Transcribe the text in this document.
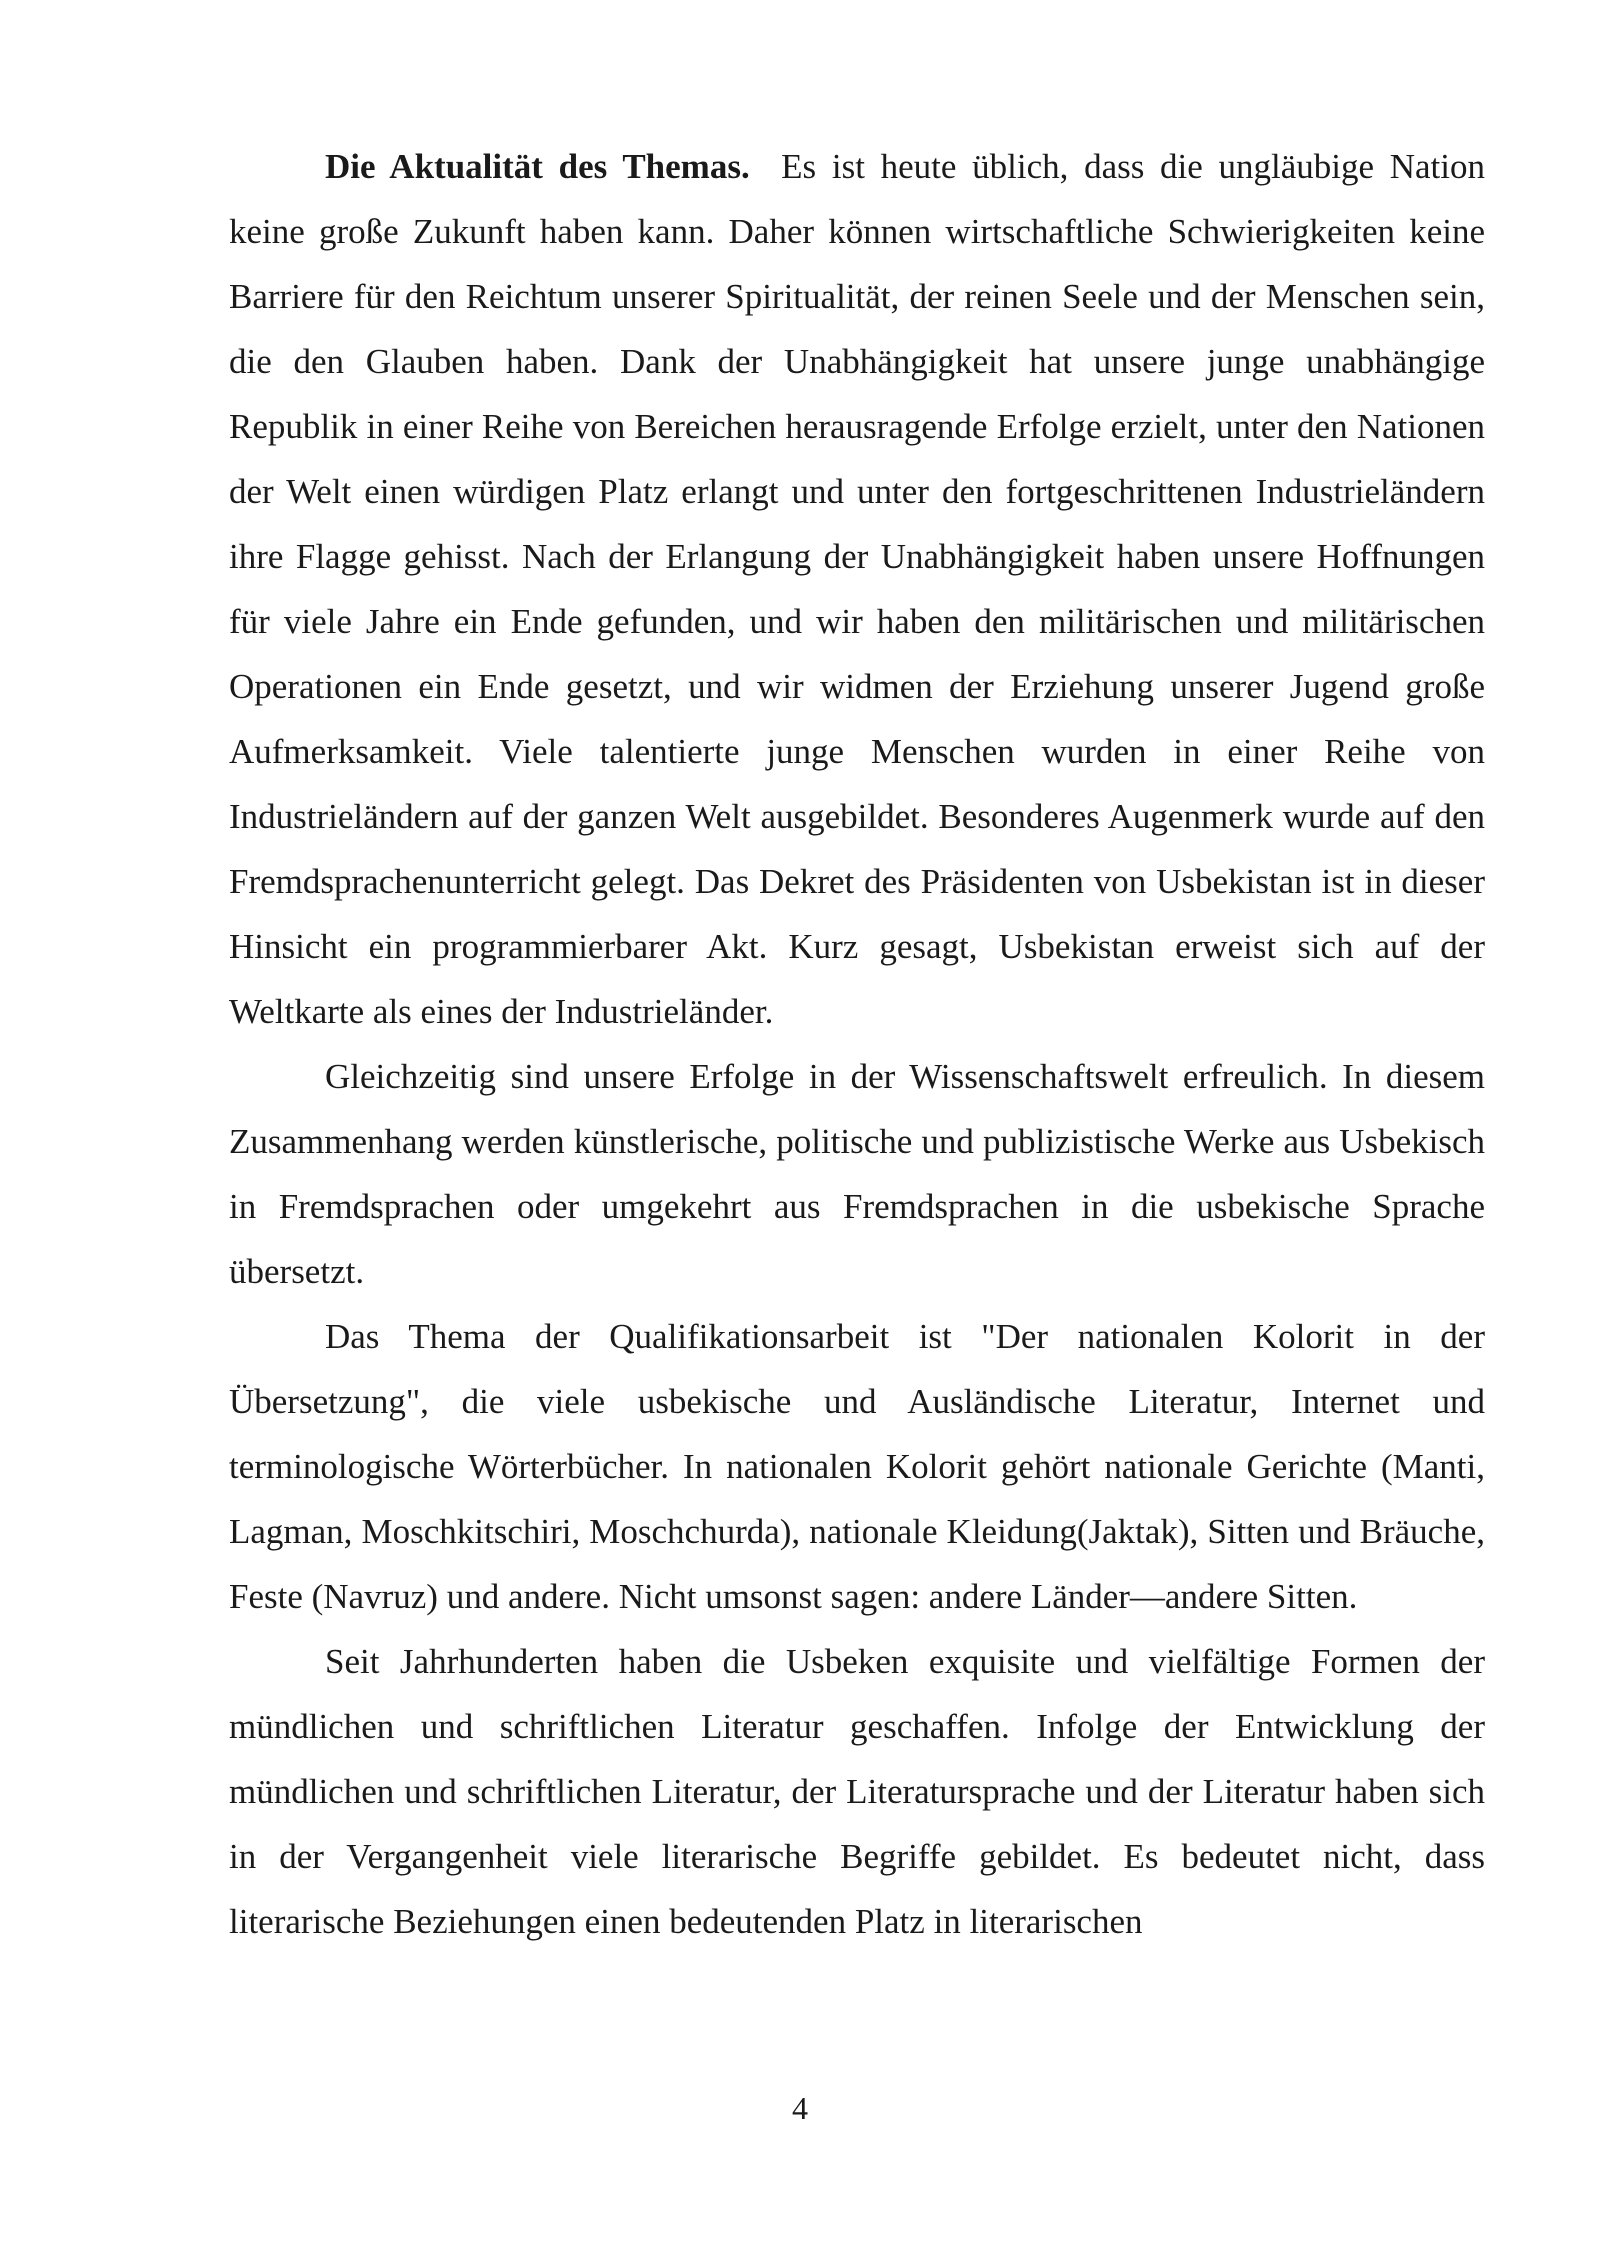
Die Aktualität des Themas. Es ist heute üblich, dass die ungläubige Nation keine große Zukunft haben kann. Daher können wirtschaftliche Schwierigkeiten keine Barriere für den Reichtum unserer Spiritualität, der reinen Seele und der Menschen sein, die den Glauben haben. Dank der Unabhängigkeit hat unsere junge unabhängige Republik in einer Reihe von Bereichen herausragende Erfolge erzielt, unter den Nationen der Welt einen würdigen Platz erlangt und unter den fortgeschrittenen Industrieländern ihre Flagge gehisst. Nach der Erlangung der Unabhängigkeit haben unsere Hoffnungen für viele Jahre ein Ende gefunden, und wir haben den militärischen und militärischen Operationen ein Ende gesetzt, und wir widmen der Erziehung unserer Jugend große Aufmerksamkeit. Viele talentierte junge Menschen wurden in einer Reihe von Industrieländern auf der ganzen Welt ausgebildet. Besonderes Augenmerk wurde auf den Fremdsprachenunterricht gelegt. Das Dekret des Präsidenten von Usbekistan ist in dieser Hinsicht ein programmierbarer Akt. Kurz gesagt, Usbekistan erweist sich auf der Weltkarte als eines der Industrieländer.

Gleichzeitig sind unsere Erfolge in der Wissenschaftswelt erfreulich. In diesem Zusammenhang werden künstlerische, politische und publizistische Werke aus Usbekisch in Fremdsprachen oder umgekehrt aus Fremdsprachen in die usbekische Sprache übersetzt.

Das Thema der Qualifikationsarbeit ist "Der nationalen Kolorit in der Übersetzung", die viele usbekische und Ausländische Literatur, Internet und terminologische Wörterbücher. In nationalen Kolorit gehört nationale Gerichte (Manti, Lagman, Moschkitschiri, Moschchurda), nationale Kleidung(Jaktak), Sitten und Bräuche, Feste (Navruz) und andere. Nicht umsonst sagen: andere Länder—andere Sitten.

Seit Jahrhunderten haben die Usbeken exquisite und vielfältige Formen der mündlichen und schriftlichen Literatur geschaffen. Infolge der Entwicklung der mündlichen und schriftlichen Literatur, der Literatursprache und der Literatur haben sich in der Vergangenheit viele literarische Begriffe gebildet. Es bedeutet nicht, dass literarische Beziehungen einen bedeutenden Platz in literarischen

4
